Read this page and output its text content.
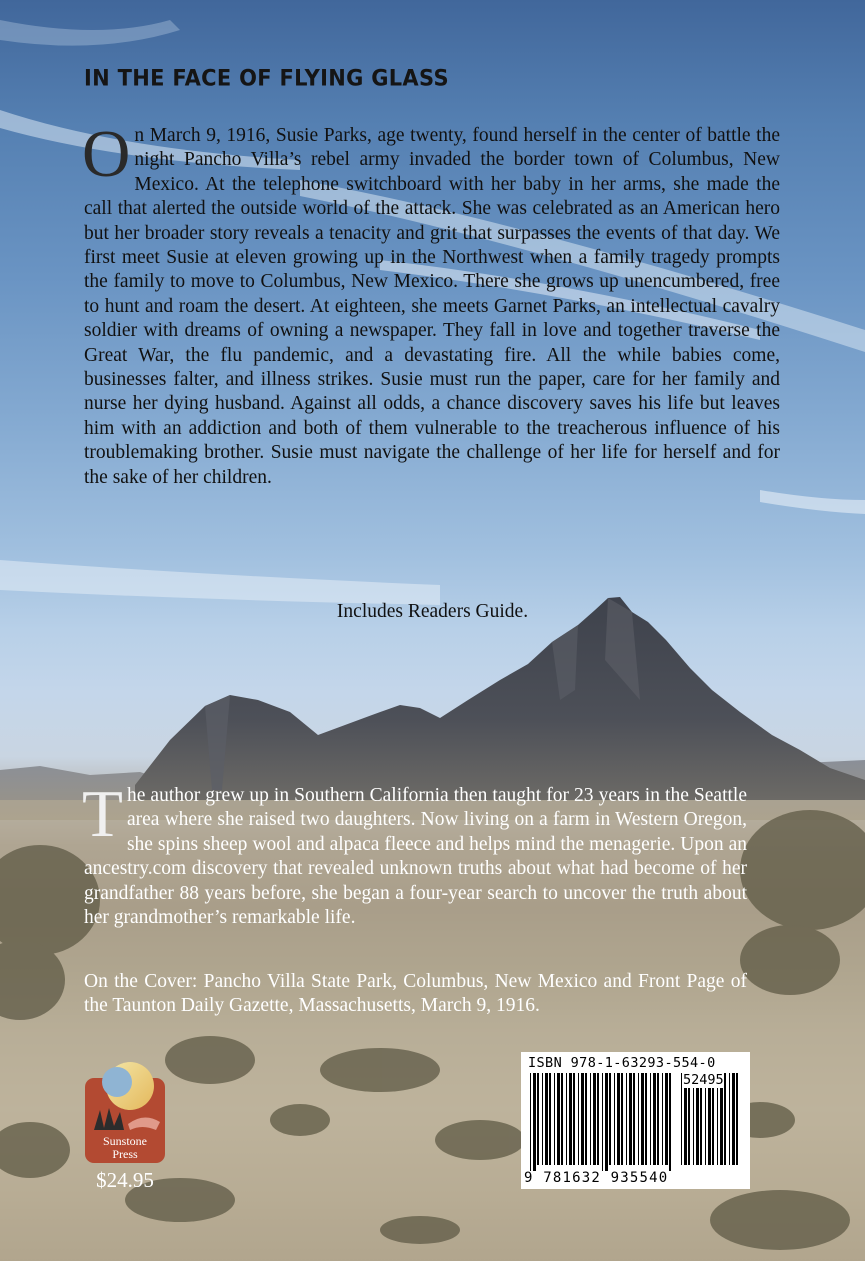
IN THE FACE OF FLYING GLASS
On March 9, 1916, Susie Parks, age twenty, found herself in the center of battle the night Pancho Villa’s rebel army invaded the border town of Columbus, New Mexico. At the telephone switchboard with her baby in her arms, she made the call that alerted the outside world of the attack. She was celebrated as an American hero but her broader story reveals a tenacity and grit that surpasses the events of that day. We first meet Susie at eleven growing up in the Northwest when a family tragedy prompts the family to move to Columbus, New Mexico. There she grows up unencumbered, free to hunt and roam the desert. At eighteen, she meets Garnet Parks, an intellectual cavalry soldier with dreams of owning a newspaper. They fall in love and together traverse the Great War, the flu pandemic, and a devastating fire. All the while babies come, businesses falter, and illness strikes. Susie must run the paper, care for her family and nurse her dying husband. Against all odds, a chance discovery saves his life but leaves him with an addiction and both of them vulnerable to the treacherous influence of his troublemaking brother. Susie must navigate the challenge of her life for herself and for the sake of her children.
Includes Readers Guide.
The author grew up in Southern California then taught for 23 years in the Seattle area where she raised two daughters. Now living on a farm in Western Oregon, she spins sheep wool and alpaca fleece and helps mind the menagerie. Upon an ancestry.com discovery that revealed unknown truths about what had become of her grandfather 88 years before, she began a four-year search to uncover the truth about her grandmother’s remarkable life.
On the Cover: Pancho Villa State Park, Columbus, New Mexico and Front Page of the Taunton Daily Gazette, Massachusetts, March 9, 1916.
Sunstone
Press

$24.95

ISBN 978-1-63293-554-0
52495
9 781632 935540
